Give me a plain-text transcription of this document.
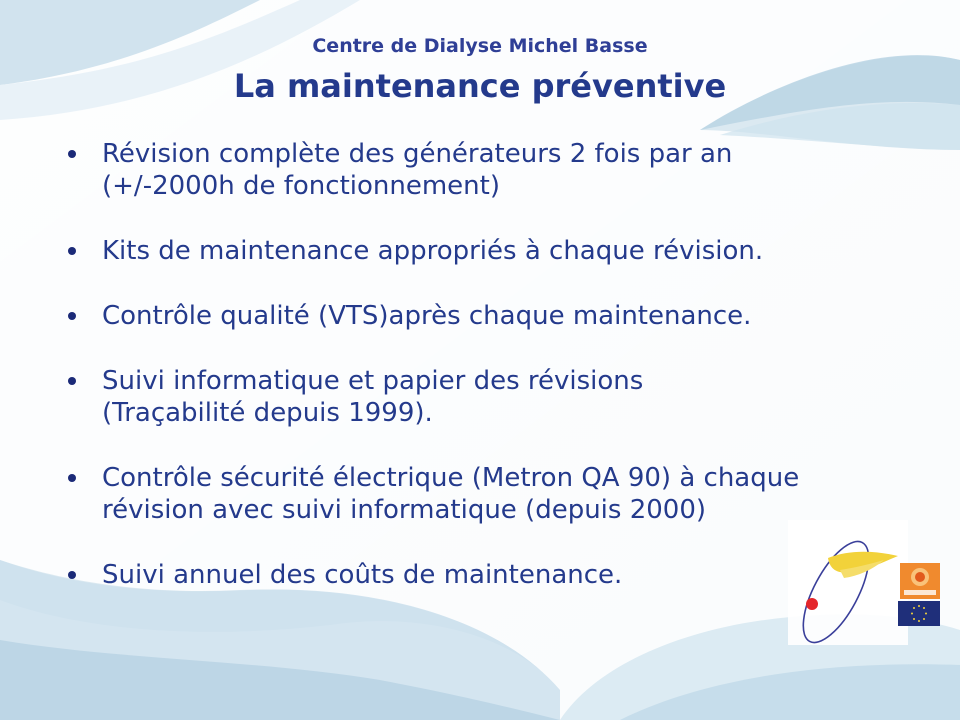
Centre de Dialyse Michel Basse
La maintenance préventive
Révision complète des générateurs 2 fois par an
(+/-2000h de fonctionnement)
Kits de maintenance appropriés à chaque révision.
Contrôle qualité (VTS)après chaque maintenance.
Suivi informatique et papier des révisions
(Traçabilité depuis 1999).
Contrôle sécurité électrique (Metron QA 90) à chaque
révision avec suivi informatique (depuis 2000)
Suivi annuel des coûts de maintenance.
